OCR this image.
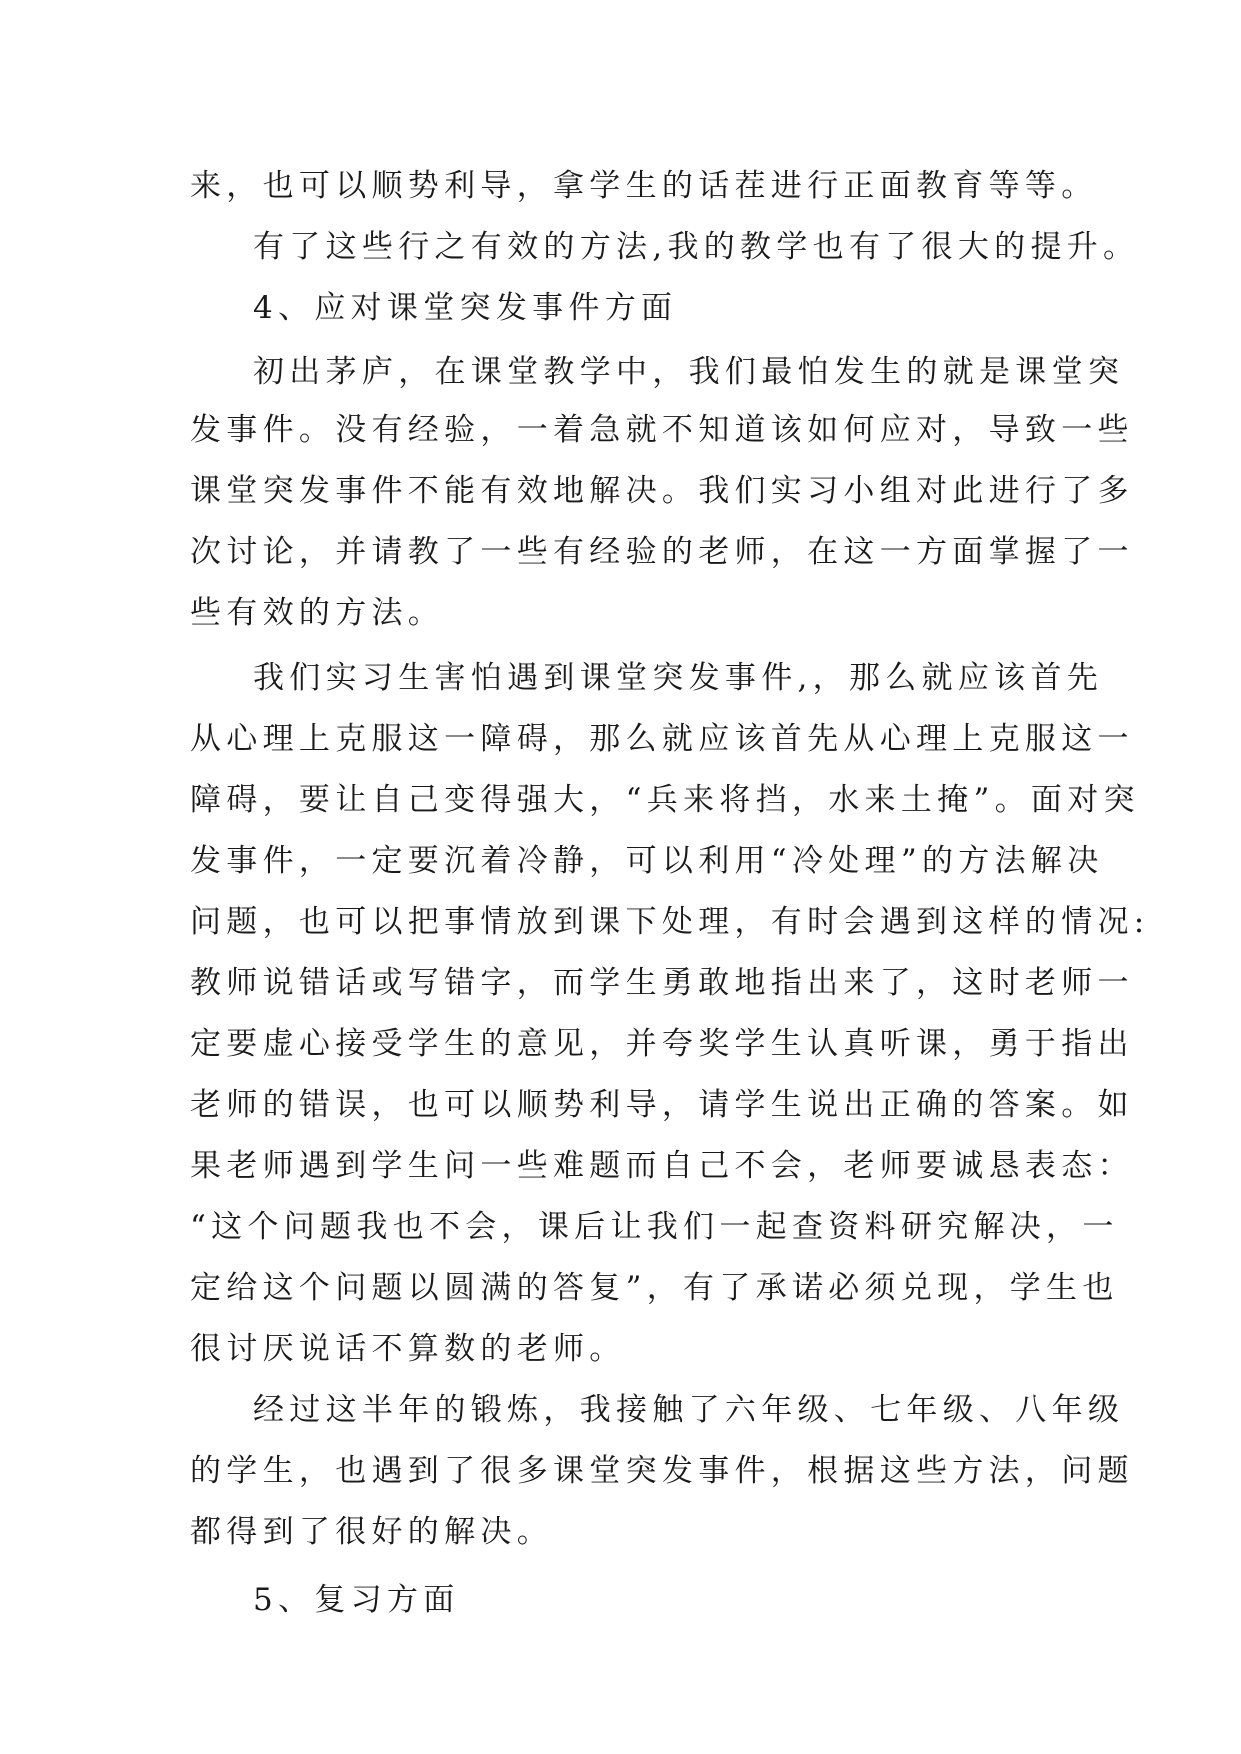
来，也可以顺势利导，拿学生的话茬进行正面教育等等。
有了这些行之有效的方法,我的教学也有了很大的提升。
4、应对课堂突发事件方面
初出茅庐，在课堂教学中，我们最怕发生的就是课堂突
发事件。没有经验，一着急就不知道该如何应对，导致一些
课堂突发事件不能有效地解决。我们实习小组对此进行了多
次讨论，并请教了一些有经验的老师，在这一方面掌握了一
些有效的方法。
我们实习生害怕遇到课堂突发事件,，那么就应该首先
从心理上克服这一障碍，那么就应该首先从心理上克服这一
障碍，要让自己变得强大，“兵来将挡，水来土掩”。面对突
发事件，一定要沉着冷静，可以利用“冷处理”的方法解决
问题，也可以把事情放到课下处理，有时会遇到这样的情况:
教师说错话或写错字，而学生勇敢地指出来了，这时老师一
定要虚心接受学生的意见，并夸奖学生认真听课，勇于指出
老师的错误，也可以顺势利导，请学生说出正确的答案。如
果老师遇到学生问一些难题而自己不会，老师要诚恳表态：
“这个问题我也不会，课后让我们一起查资料研究解决，一
定给这个问题以圆满的答复”，有了承诺必须兑现，学生也
很讨厌说话不算数的老师。
经过这半年的锻炼，我接触了六年级、七年级、八年级
的学生，也遇到了很多课堂突发事件，根据这些方法，问题
都得到了很好的解决。
5、复习方面
